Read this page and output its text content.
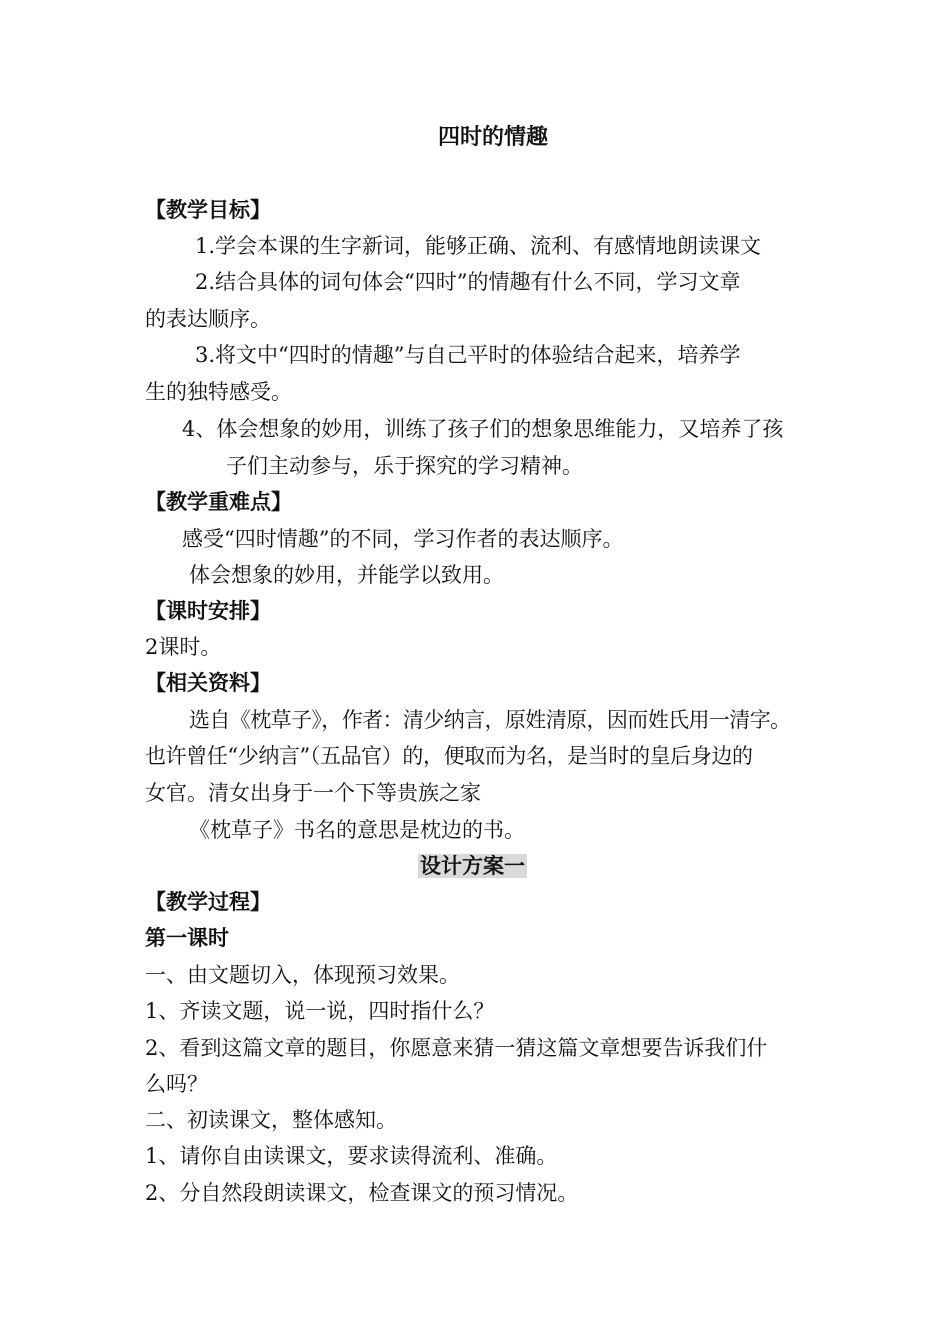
四时的情趣
【教学目标】
1.学会本课的生字新词，能够正确、流利、有感情地朗读课文
2.结合具体的词句体会“四时”的情趣有什么不同，学习文章
的表达顺序。
3.将文中“四时的情趣”与自己平时的体验结合起来，培养学
生的独特感受。
4、体会想象的妙用，训练了孩子们的想象思维能力，又培养了孩
子们主动参与，乐于探究的学习精神。
【教学重难点】
感受“四时情趣”的不同，学习作者的表达顺序。
体会想象的妙用，并能学以致用。
【课时安排】
2课时。
【相关资料】
选自《枕草子》，作者：清少纳言，原姓清原，因而姓氏用一清字。
也许曾任“少纳言”（五品官）的，便取而为名，是当时的皇后身边的
女官。清女出身于一个下等贵族之家
《枕草子》书名的意思是枕边的书。
设计方案一
【教学过程】
第一课时
一、由文题切入，体现预习效果。
1、齐读文题，说一说，四时指什么？
2、看到这篇文章的题目，你愿意来猜一猜这篇文章想要告诉我们什
么吗？
二、初读课文，整体感知。
1、请你自由读课文，要求读得流利、准确。
2、分自然段朗读课文，检查课文的预习情况。
